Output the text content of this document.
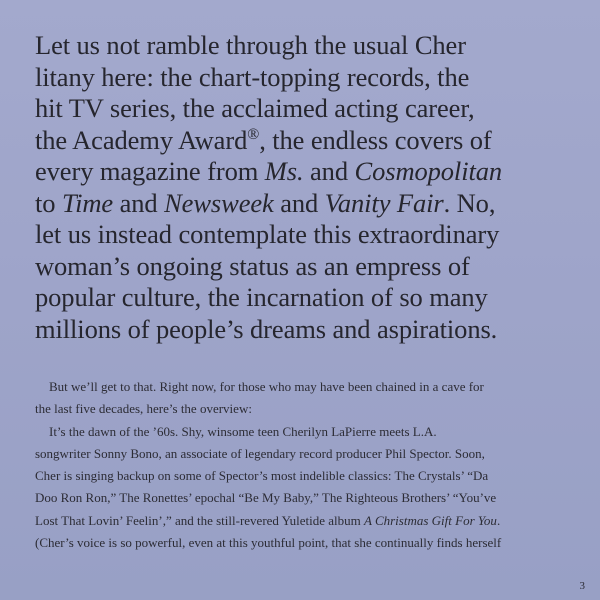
Let us not ramble through the usual Cher
litany here: the chart-topping records, the
hit TV series, the acclaimed acting career,
the Academy Award®, the endless covers of
every magazine from Ms. and Cosmopolitan
to Time and Newsweek and Vanity Fair. No,
let us instead contemplate this extraordinary
woman’s ongoing status as an empress of
popular culture, the incarnation of so many
millions of people’s dreams and aspirations.
But we’ll get to that. Right now, for those who may have been chained in a cave for
the last five decades, here’s the overview:
It’s the dawn of the ’60s. Shy, winsome teen Cherilyn LaPierre meets L.A.
songwriter Sonny Bono, an associate of legendary record producer Phil Spector. Soon,
Cher is singing backup on some of Spector’s most indelible classics: The Crystals’ “Da
Doo Ron Ron,” The Ronettes’ epochal “Be My Baby,” The Righteous Brothers’ “You’ve
Lost That Lovin’ Feelin’,” and the still-revered Yuletide album A Christmas Gift For You.
(Cher’s voice is so powerful, even at this youthful point, that she continually finds herself
3
